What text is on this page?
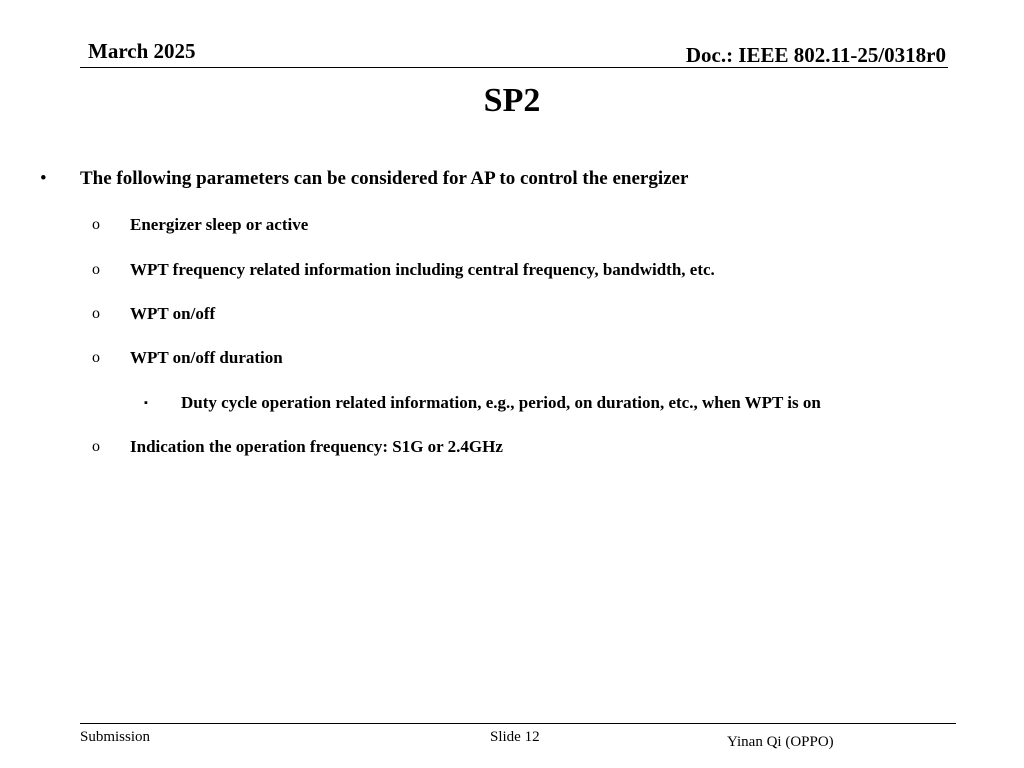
March 2025	Doc.: IEEE 802.11-25/0318r0
SP2
• The following parameters can be considered for AP to control the energizer
o Energizer sleep or active
o WPT frequency related information including central frequency, bandwidth, etc.
o WPT on/off
o WPT on/off duration
▪ Duty cycle operation related information, e.g., period, on duration, etc., when WPT is on
o Indication the operation frequency: S1G or 2.4GHz
Submission	Slide 12	Yinan Qi (OPPO)
